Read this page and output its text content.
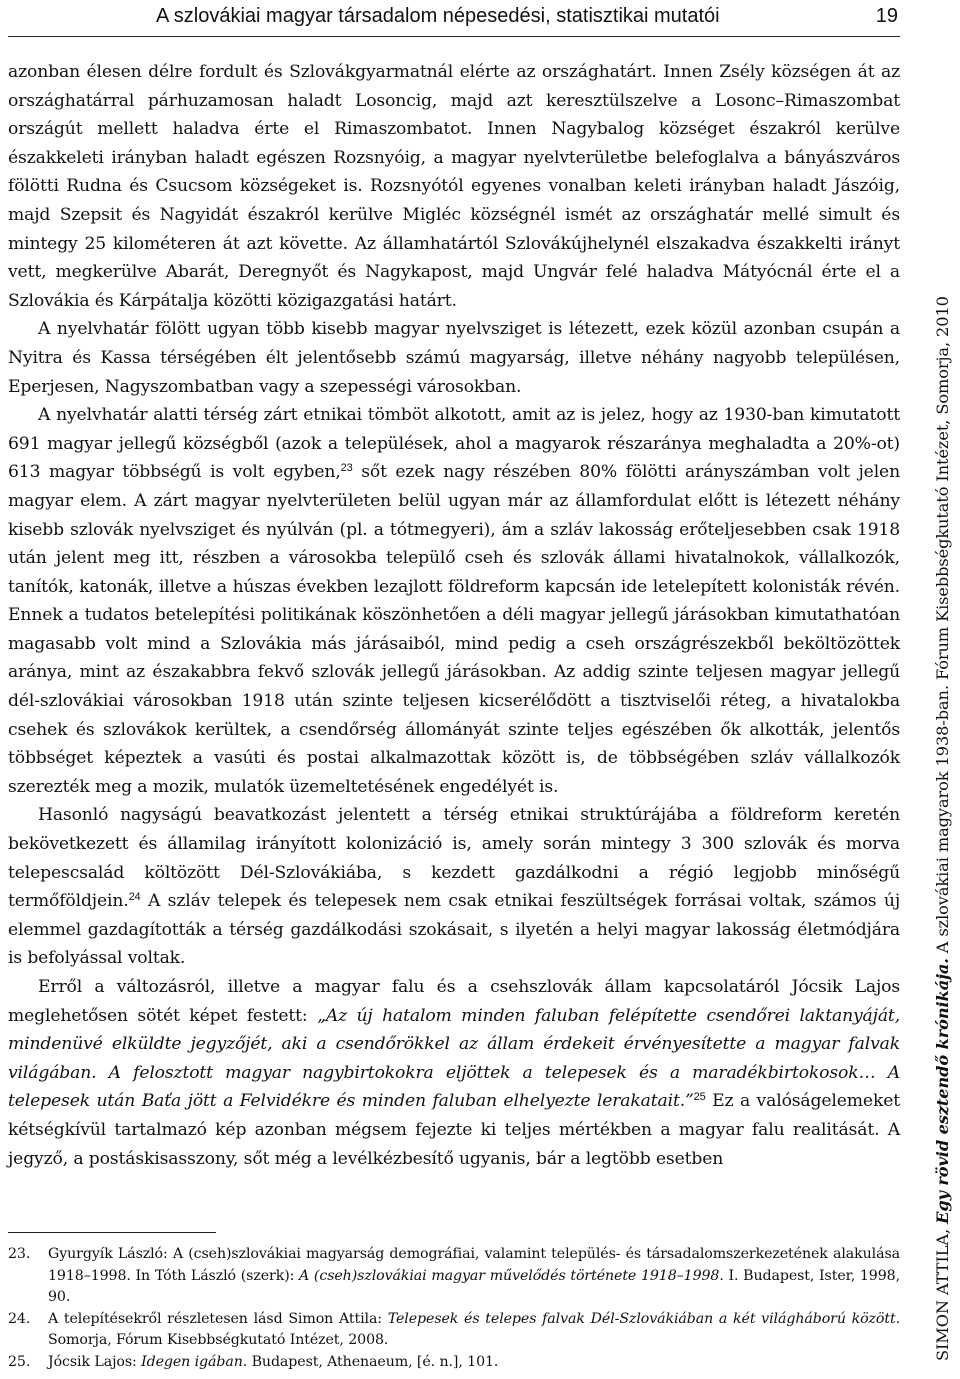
A szlovákiai magyar társadalom népesedési, statisztikai mutatói	19

azonban élesen délre fordult és Szlovákgyarmatnál elérte az országhatárt. Innen Zsély községen át az országhatárral párhuzamosan haladt Losoncig, majd azt keresztülszelve a Losonc–Rimaszombat országút mellett haladva érte el Rimaszombatot. Innen Nagybalog községet északról kerülve északkeleti irányban haladt egészen Rozsnyóig, a magyar nyelvterületbe belefoglalva a bányászváros fölötti Rudna és Csucsom községeket is. Rozsnyótól egyenes vonalban keleti irányban haladt Jászóig, majd Szepsit és Nagyidát északról kerülve Migléc községnél ismét az országhatár mellé simult és mintegy 25 kilométeren át azt követte. Az államhatártól Szlovákújhelynél elszakadva északkelti irányt vett, megkerülve Abarát, Deregnyőt és Nagykapost, majd Ungvár felé haladva Mátyócnál érte el a Szlovákia és Kárpátalja közötti közigazgatási határt.

A nyelvhatár fölött ugyan több kisebb magyar nyelvsziget is létezett, ezek közül azonban csupán a Nyitra és Kassa térségében élt jelentősebb számú magyarság, illetve néhány nagyobb településen, Eperjesen, Nagyszombatban vagy a szepességi városokban.

A nyelvhatár alatti térség zárt etnikai tömböt alkotott, amit az is jelez, hogy az 1930-ban kimutatott 691 magyar jellegű községből (azok a települések, ahol a magyarok részaránya meghaladta a 20%-ot) 613 magyar többségű is volt egyben,$^{23}$ sőt ezek nagy részében 80% fölötti arányszámban volt jelen magyar elem. A zárt magyar nyelvterületen belül ugyan már az államfordulat előtt is létezett néhány kisebb szlovák nyelvsziget és nyúlván (pl. a tótmegyeri), ám a szláv lakosság erőteljesebben csak 1918 után jelent meg itt, részben a városokba települő cseh és szlovák állami hivatalnokok, vállalkozók, tanítók, katonák, illetve a húszas években lezajlott földreform kapcsán ide letelepített kolonisták révén. Ennek a tudatos betelepítési politikának köszönhetően a déli magyar jellegű járásokban kimutathatóan magasabb volt mind a Szlovákia más járásaiból, mind pedig a cseh országrészekből beköltözöttek aránya, mint az északabbra fekvő szlovák jellegű járásokban. Az addig szinte teljesen magyar jellegű dél-szlovákiai városokban 1918 után szinte teljesen kicserélődött a tisztviselői réteg, a hivatalokba csehek és szlovákok kerültek, a csendőrség állományát szinte teljes egészében ők alkották, jelentős többséget képeztek a vasúti és postai alkalmazottak között is, de többségében szláv vállalkozók szerezték meg a mozik, mulatók üzemeltetésének engedélyét is.

Hasonló nagyságú beavatkozást jelentett a térség etnikai struktúrájába a földreform keretén bekövetkezett és államilag irányított kolonizáció is, amely során mintegy 3 300 szlovák és morva telepescsalád költözött Dél-Szlovákiába, s kezdett gazdálkodni a régió legjobb minőségű termőföldjein.$^{24}$ A szláv telepek és telepesek nem csak etnikai feszültségek forrásai voltak, számos új elemmel gazdagították a térség gazdálkodási szokásait, s ilyetén a helyi magyar lakosság életmódjára is befolyással voltak.

Erről a változásról, illetve a magyar falu és a csehszlovák állam kapcsolatáról Jócsik Lajos meglehetősen sötét képet festett: „Az új hatalom minden faluban felépítette csendőrei laktanyáját, mindenüvé elküldte jegyzőjét, aki a csendőrökkel az állam érdekeit érvényesítette a magyar falvak világában. A felosztott magyar nagybirtokokra eljöttek a telepesek és a maradékbirtokosok… A telepesek után Baťa jött a Felvidékre és minden faluban elhelyezte lerakatait.”$^{25}$ Ez a valóságelemeket kétségkívül tartalmazó kép azonban mégsem fejezte ki teljes mértékben a magyar falu realitását. A jegyző, a postáskisasszony, sőt még a levélkézbesítő ugyanis, bár a legtöbb esetben

23. Gyurgyík László: A (cseh)szlovákiai magyarság demográfiai, valamint település- és társadalomszerkezetének alakulása 1918–1998. In Tóth László (szerk): A (cseh)szlovákiai magyar művelődés története 1918–1998. I. Budapest, Ister, 1998, 90.

24. A telepítésekről részletesen lásd Simon Attila: Telepesek és telepes falvak Dél-Szlovákiában a két világháború között. Somorja, Fórum Kisebbségkutató Intézet, 2008.

25. Jócsik Lajos: Idegen igában. Budapest, Athenaeum, [é. n.], 101.

SIMON ATTILA, Egy rövid esztendő krónikája. A szlovákiai magyarok 1938-ban. Fórum Kisebbségkutató Intézet, Somorja, 2010
